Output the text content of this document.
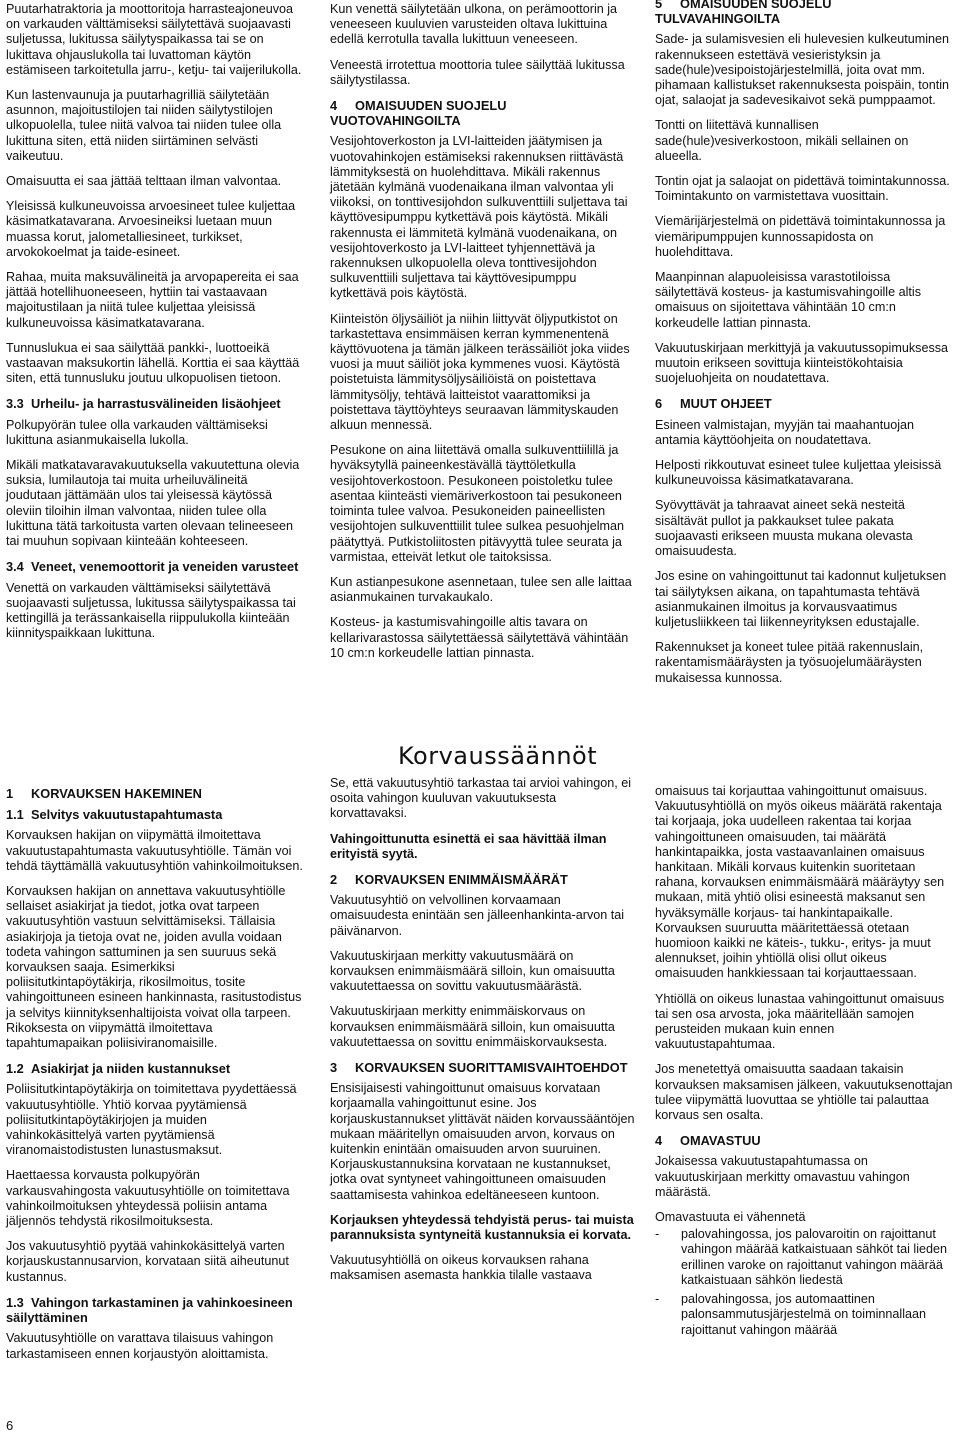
Puutarhatraktoria ja moottoritoja harrasteajoneuvoa on varkauden välttämiseksi säilytettävä suojaavasti suljetussa, lukitussa säilytyspaikassa tai se on lukittava ohjauslukolla tai luvattoman käytön estämiseen tarkoitetulla jarru-, ketju- tai vaijerilukolla.

Kun lastenvaunuja ja puutarhagrilliä säilytetään asunnon, majoitustilojen tai niiden säilytystilojen ulkopuolella, tulee niitä valvoa tai niiden tulee olla lukittuna siten, että niiden siirtäminen selvästi vaikeutuu.

Omaisuutta ei saa jättää telttaan ilman valvontaa.

Yleisissä kulkuneuvoissa arvoesineet tulee kuljettaa käsimatkatavarana. Arvoesineiksi luetaan muun muassa korut, jalometalliesineet, turkikset, arvokokoelmat ja taide-esineet.

Rahaa, muita maksuvälineitä ja arvopapereita ei saa jättää hotellihuoneeseen, hyttiin tai vastaavaan majoitustilaan ja niitä tulee kuljettaa yleisissä kulkuneuvoissa käsimatkatavarana.

Tunnuslukua ei saa säilyttää pankki-, luottoeikä vastaavan maksukortin lähellä. Korttia ei saa käyttää siten, että tunnusluku joutuu ulkopuolisen tietoon.

3.3 Urheilu- ja harrastusvälineiden lisäohjeet

Polkupyörän tulee olla varkauden välttämiseksi lukittuna asianmukaisella lukolla.

Mikäli matkatavaravakuutuksella vakuutettuna olevia suksia, lumilautoja tai muita urheiluvälineitä joudutaan jättämään ulos tai yleisessä käytössä oleviin tiloihin ilman valvontaa, niiden tulee olla lukittuna tätä tarkoitusta varten olevaan telineeseen tai muuhun sopivaan kiinteään kohteeseen.

3.4 Veneet, venemoottorit ja veneiden varusteet

Venettä on varkauden välttämiseksi säilytettävä suojaavasti suljetussa, lukitussa säilytyspaikassa tai kettingillä ja terässankaisella riippulukolla kiinteään kiinnityspaikkaan lukittuna.

Kun venettä säilytetään ulkona, on perämoottorin ja veneeseen kuuluvien varusteiden oltava lukittuina edellä kerrotulla tavalla lukittuun veneeseen.

Veneestä irrotettua moottoria tulee säilyttää lukitussa säilytystilassa.

4 OMAISUUDEN SUOJELU VUOTOVAHINGOILTA

Vesijohtoverkoston ja LVI-laitteiden jäätymisen ja vuotovahinkojen estämiseksi rakennuksen riittävästä lämmityksestä on huolehdittava. Mikäli rakennus jätetään kylmänä vuodenaikana ilman valvontaa yli viikoksi, on tonttivesijohdon sulkuventtiili suljettava tai käyttövesipumppu kytkettävä pois käytöstä. Mikäli rakennusta ei lämmitetä kylmänä vuodenaikana, on vesijohtoverkosto ja LVI-laitteet tyhjennettävä ja rakennuksen ulkopuolella oleva tonttivesijohdon sulkuventtiili suljettava tai käyttövesipumppu kytkettävä pois käytöstä.

Kiinteistön öljysäiliöt ja niihin liittyvät öljyputkistot on tarkastettava ensimmäisen kerran kymmenentenä käyttövuotena ja tämän jälkeen terässäiliöt joka viides vuosi ja muut säiliöt joka kymmenes vuosi. Käytöstä poistetuista lämmitysöljysäiliöistä on poistettava lämmitysöljy, tehtävä laitteistot vaarattomiksi ja poistettava täyttöyhteys seuraavan lämmityskauden alkuun mennessä.

Pesukone on aina liitettävä omalla sulkuventtiilillä ja hyväksytyllä paineenkestävällä täyttöletkulla vesijohtoverkostoon. Pesukoneen poistoletku tulee asentaa kiinteästi viemäriverkostoon tai pesukoneen toiminta tulee valvoa. Pesukoneiden paineellisten vesijohtojen sulkuventtiilit tulee sulkea pesuohjelman päätyttyä. Putkistoliitosten pitävyyttä tulee seurata ja varmistaa, etteivät letkut ole taitoksissa.

Kun astianpesukone asennetaan, tulee sen alle laittaa asianmukainen turvakaukalo.

Kosteus- ja kastumisvahingoille altis tavara on kellarivarastossa säilytettäessä säilytettävä vähintään 10 cm:n korkeudelle lattian pinnasta.

5 OMAISUUDEN SUOJELU TULVAVAHINGOILTA

Sade- ja sulamisvesien eli hulevesien kulkeutuminen rakennukseen estettävä vesieristyksin ja sade(hule)vesipoistojärjestelmillä, joita ovat mm. pihamaan kallistukset rakennuksesta poispäin, tontin ojat, salaojat ja sadevesikaivot sekä pumppaamot.

Tontti on liitettävä kunnallisen sade(hule)vesiverkostoon, mikäli sellainen on alueella.

Tontin ojat ja salaojat on pidettävä toimintakunnossa. Toimintakunto on varmistettava vuosittain.

Viemärijärjestelmä on pidettävä toimintakunnossa ja viemäripumppujen kunnossapidosta on huolehdittava.

Maanpinnan alapuoleisissa varastotiloissa säilytettävä kosteus- ja kastumisvahingoille altis omaisuus on sijoitettava vähintään 10 cm:n korkeudelle lattian pinnasta.

Vakuutuskirjaan merkittyjä ja vakuutussopimuksessa muutoin erikseen sovittuja kiinteistökohtaisia suojeluohjeita on noudatettava.

6 MUUT OHJEET

Esineen valmistajan, myyjän tai maahantuojan antamia käyttöohjeita on noudatettava.

Helposti rikkoutuvat esineet tulee kuljettaa yleisissä kulkuneuvoissa käsimatkatavarana.

Syövyttävät ja tahraavat aineet sekä nesteitä sisältävät pullot ja pakkaukset tulee pakata suojaavasti erikseen muusta mukana olevasta omaisuudesta.

Jos esine on vahingoittunut tai kadonnut kuljetuksen tai säilytyksen aikana, on tapahtumasta tehtävä asianmukainen ilmoitus ja korvausvaatimus kuljetusliikkeen tai liikenneyrityksen edustajalle.

Rakennukset ja koneet tulee pitää rakennuslain, rakentamismääräysten ja työsuojelumääräysten mukaisessa kunnossa.

Korvaussäännöt
1 KORVAUKSEN HAKEMINEN
1.1 Selvitys vakuutustapahtumasta

Korvauksen hakijan on viipymättä ilmoitettava vakuutustapahtumasta vakuutusyhtiölle. Tämän voi tehdä täyttämällä vakuutusyhtiön vahinkoilmoituksen.

Korvauksen hakijan on annettava vakuutusyhtiölle sellaiset asiakirjat ja tiedot, jotka ovat tarpeen vakuutusyhtiön vastuun selvittämiseksi. Tällaisia asiakirjoja ja tietoja ovat ne, joiden avulla voidaan todeta vahingon sattuminen ja sen suuruus sekä korvauksen saaja. Esimerkiksi poliisitutkintapöytäkirja, rikosilmoitus, tosite vahingoittuneen esineen hankinnasta, rasitustodistus ja selvitys kiinnityksenhaltijoista voivat olla tarpeen. Rikoksesta on viipymättä ilmoitettava tapahtumapaikan poliisiviranomaisille.

1.2 Asiakirjat ja niiden kustannukset

Poliisitutkintapöytäkirja on toimitettava pyydettäessä vakuutusyhtiölle. Yhtiö korvaa pyytämiensä poliisitutkintapöytäkirjojen ja muiden vahinkokäsittelyä varten pyytämiensä viranomaistodistusten lunastusmaksut.

Haettaessa korvausta polkupyörän varkausvahingosta vakuutusyhtiölle on toimitettava vahinkoilmoituksen yhteydessä poliisin antama jäljennös tehdystä rikosilmoituksesta.

Jos vakuutusyhtiö pyytää vahinkokäsittelyä varten korjauskustannusarvion, korvataan siitä aiheutunut kustannus.

1.3 Vahingon tarkastaminen ja vahinkoesineen säilyttäminen

Vakuutusyhtiölle on varattava tilaisuus vahingon tarkastamiseen ennen korjaustyön aloittamista.

Se, että vakuutusyhtiö tarkastaa tai arvioi vahingon, ei osoita vahingon kuuluvan vakuutuksesta korvattavaksi.

Vahingoittunutta esinettä ei saa hävittää ilman erityistä syytä.

2 KORVAUKSEN ENIMMÄISMÄÄRÄT

Vakuutusyhtiö on velvollinen korvaamaan omaisuudesta enintään sen jälleenhankinta-arvon tai päivänarvon.

Vakuutuskirjaan merkitty vakuutusmäärä on korvauksen enimmäismäärä silloin, kun omaisuutta vakuutettaessa on sovittu vakuutusmäärästä.

Vakuutuskirjaan merkitty enimmäiskorvaus on korvauksen enimmäismäärä silloin, kun omaisuutta vakuutettaessa on sovittu enimmäiskorvauksesta.

3 KORVAUKSEN SUORITTAMISVAIHTOEHDOT

Ensisijaisesti vahingoittunut omaisuus korvataan korjaamalla vahingoittunut esine. Jos korjauskustannukset ylittävät näiden korvaussääntöjen mukaan määritellyn omaisuuden arvon, korvaus on kuitenkin enintään omaisuuden arvon suuruinen. Korjauskustannuksina korvataan ne kustannukset, jotka ovat syntyneet vahingoittuneen omaisuuden saattamisesta vahinkoa edeltäneeseen kuntoon.

Korjauksen yhteydessä tehdyistä perus- tai muista parannuksista syntyneitä kustannuksia ei korvata.

Vakuutusyhtiöllä on oikeus korvauksen rahana maksamisen asemasta hankkia tilalle vastaava

omaisuus tai korjauttaa vahingoittunut omaisuus. Vakuutusyhtiöllä on myös oikeus määrätä rakentaja tai korjaaja, joka uudelleen rakentaa tai korjaa vahingoittuneen omaisuuden, tai määrätä hankintapaikka, josta vastaavanlainen omaisuus hankitaan. Mikäli korvaus kuitenkin suoritetaan rahana, korvauksen enimmäismäärä määräytyy sen mukaan, mitä yhtiö olisi esineestä maksanut sen hyväksymälle korjaus- tai hankintapaikalle. Korvauksen suuruutta määritettäessä otetaan huomioon kaikki ne käteis-, tukku-, eritys- ja muut alennukset, joihin yhtiöllä olisi ollut oikeus omaisuuden hankkiessaan tai korjauttaessaan.

Yhtiöllä on oikeus lunastaa vahingoittunut omaisuus tai sen osa arvosta, joka määritellään samojen perusteiden mukaan kuin ennen vakuutustapahtumaa.

Jos menetettyä omaisuutta saadaan takaisin korvauksen maksamisen jälkeen, vakuutuksenottajan tulee viipymättä luovuttaa se yhtiölle tai palauttaa korvaus sen osalta.

4 OMAVASTUU

Jokaisessa vakuutustapahtumassa on vakuutuskirjaan merkitty omavastuu vahingon määrästä.

Omavastuuta ei vähennetä

- palovahingossa, jos palovaroitin on rajoittanut vahingon määrää katkaistuaan sähköt tai lieden erillinen varoke on rajoittanut vahingon määrää katkaistuaan sähkön liedestä
- palovahingossa, jos automaattinen palonsammutusjärjestelmä on toiminnallaan rajoittanut vahingon määrää
6
